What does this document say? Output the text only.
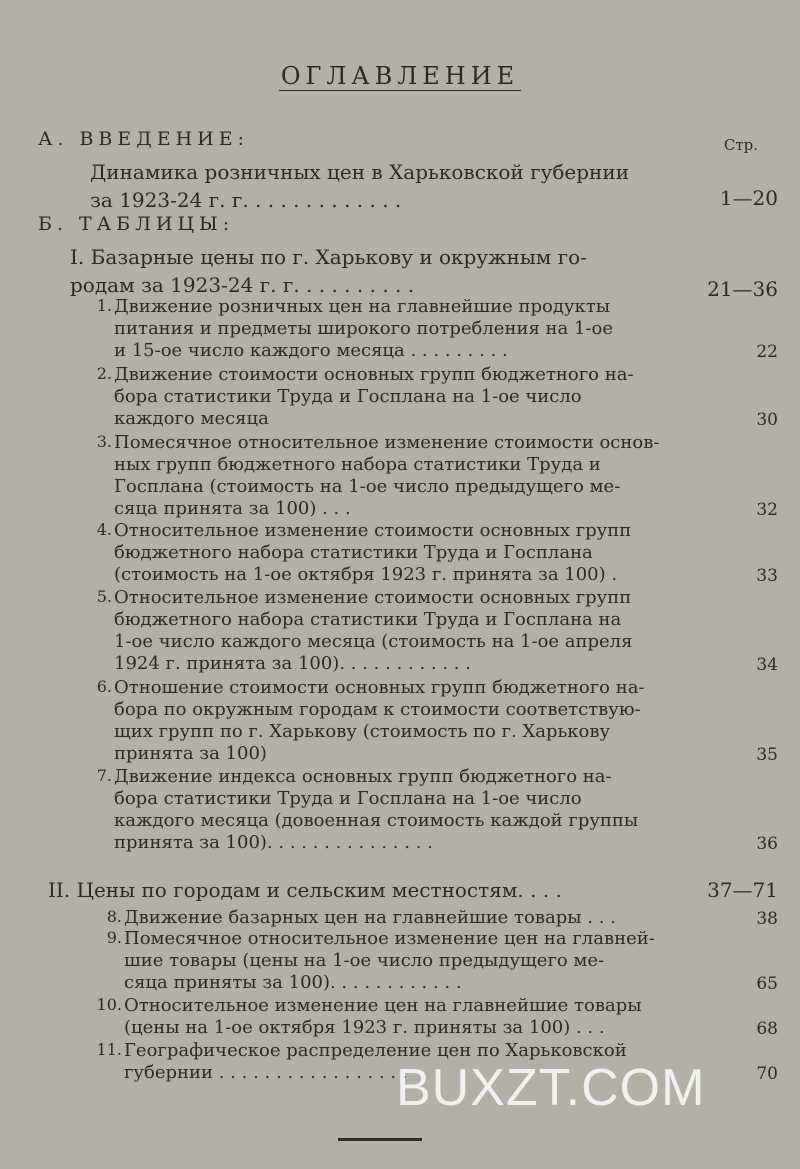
ОГЛАВЛЕНИЕ
А. ВВЕДЕНИЕ:	Стр.
Динамика розничных цен в Харьковской губернии
за 1923-24 г. г. . . . . . . . . . . . .	1—20
Б. ТАБЛИЦЫ:
I. Базарные цены по г. Харькову и окружным го-
родам за 1923-24 г. г. . . . . . . . . .	21—36
1. Движение розничных цен на главнейшие продукты
питания и предметы широкого потребления на 1-ое
и 15-ое число каждого месяца . . . . . . . . .	22
2. Движение стоимости основных групп бюджетного на-
бора статистики Труда и Госплана на 1-ое число
каждого месяца	30
3. Помесячное относительное изменение стоимости основ-
ных групп бюджетного набора статистики Труда и
Госплана (стоимость на 1-ое число предыдущего ме-
сяца принята за 100) . . .	32
4. Относительное изменение стоимости основных групп
бюджетного набора статистики Труда и Госплана
(стоимость на 1-ое октября 1923 г. принята за 100) .	33
5. Относительное изменение стоимости основных групп
бюджетного набора статистики Труда и Госплана на
1-ое число каждого месяца (стоимость на 1-ое апреля
1924 г. принята за 100). . . . . . . . . . . .	34
6. Отношение стоимости основных групп бюджетного на-
бора по окружным городам к стоимости соответствую-
щих групп по г. Харькову (стоимость по г. Харькову
принята за 100)	35
7. Движение индекса основных групп бюджетного на-
бора статистики Труда и Госплана на 1-ое число
каждого месяца (довоенная стоимость каждой группы
принята за 100). . . . . . . . . . . . . . .	36
II. Цены по городам и сельским местностям. . . .	37—71
8. Движение базарных цен на главнейшие товары . . .	38
9. Помесячное относительное изменение цен на главней-
шие товары (цены на 1-ое число предыдущего ме-
сяца приняты за 100). . . . . . . . . . . .	65
10. Относительное изменение цен на главнейшие товары
(цены на 1-ое октября 1923 г. приняты за 100) . . .	68
11. Географическое распределение цен по Харьковской
губернии . . . . . . . . . . . . . . . . .	70
BUXZT.COM
